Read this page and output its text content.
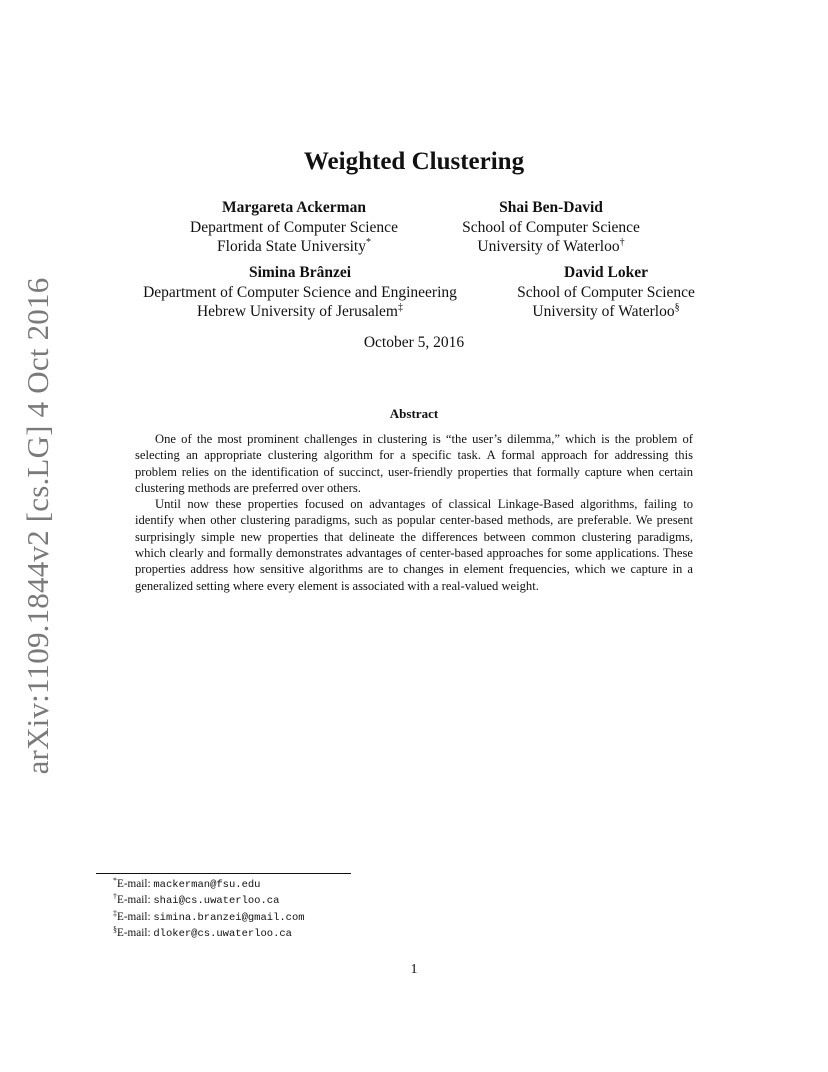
arXiv:1109.1844v2 [cs.LG] 4 Oct 2016
Weighted Clustering
Margareta Ackerman
Department of Computer Science
Florida State University*
Shai Ben-David
School of Computer Science
University of Waterloo†
Simina Brânzei
Department of Computer Science and Engineering
Hebrew University of Jerusalem‡
David Loker
School of Computer Science
University of Waterloo§
October 5, 2016
Abstract

One of the most prominent challenges in clustering is “the user’s dilemma,” which is the problem of selecting an appropriate clustering algorithm for a specific task. A formal approach for addressing this problem relies on the identification of succinct, user-friendly properties that formally capture when certain clustering methods are preferred over others.

Until now these properties focused on advantages of classical Linkage-Based algorithms, failing to identify when other clustering paradigms, such as popular center-based methods, are preferable. We present surprisingly simple new properties that delineate the differences between common clustering paradigms, which clearly and formally demonstrates advantages of center-based approaches for some applications. These properties address how sensitive algorithms are to changes in element frequencies, which we capture in a generalized setting where every element is associated with a real-valued weight.

*E-mail: mackerman@fsu.edu
†E-mail: shai@cs.uwaterloo.ca
‡E-mail: simina.branzei@gmail.com
§E-mail: dloker@cs.uwaterloo.ca
1
